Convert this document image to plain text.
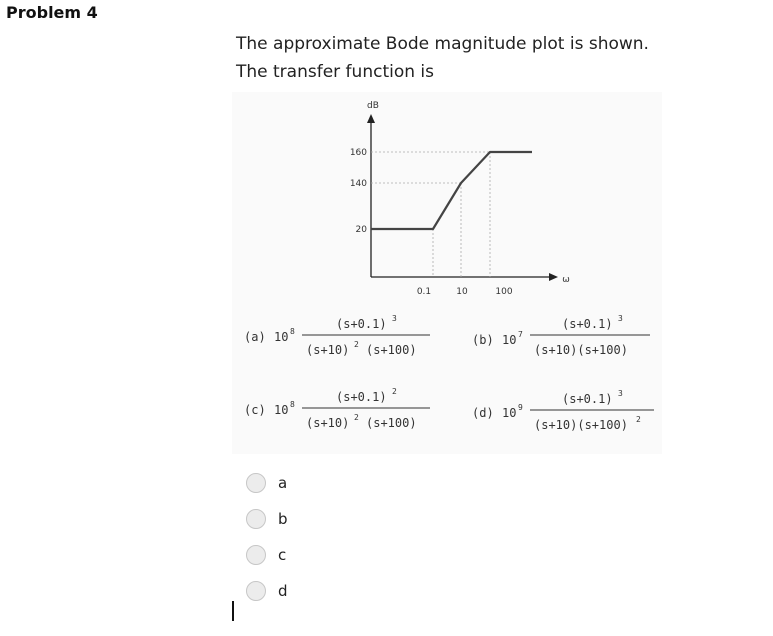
Problem 4
The approximate Bode magnitude plot is shown.
The transfer function is
dB
ω
160
140
20
0.1	10	100
(a) 10 8
(s+0.1) 3
(s+10) 2 (s+100)
(b) 10 7
(s+0.1) 3
(s+10)(s+100)
(c) 10 8
(s+0.1) 2
(s+10) 2 (s+100)
(d) 10 9
(s+0.1) 3
(s+10)(s+100) 2
a
b
c
d
